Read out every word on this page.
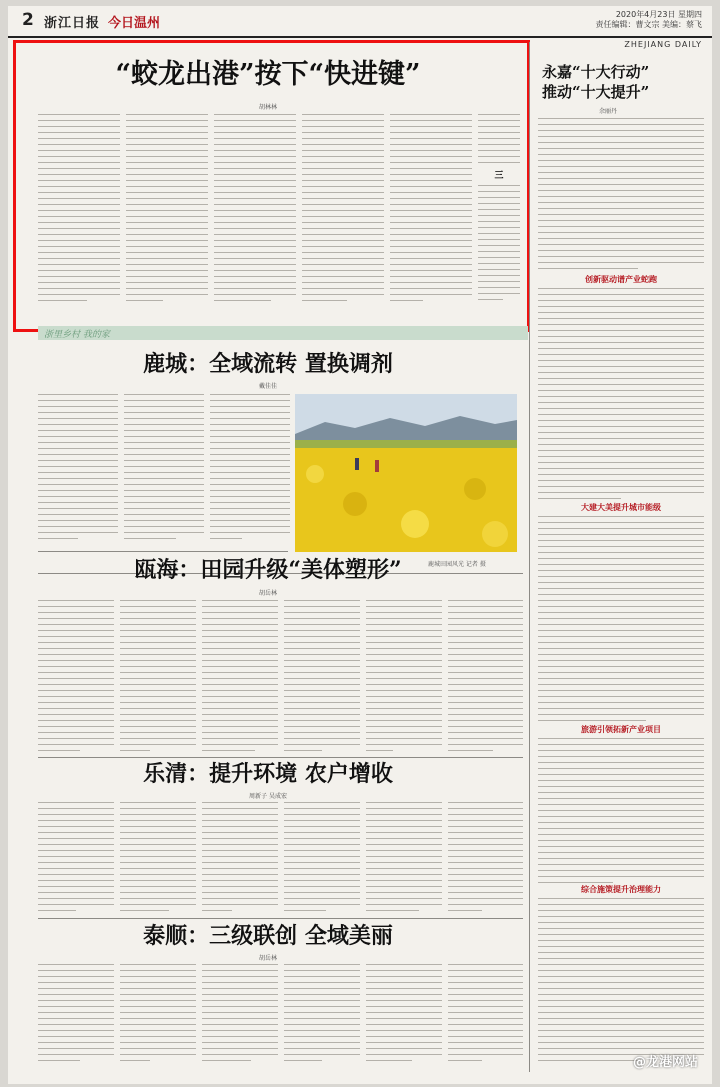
2 浙江日报 今日温州
2020年4月23日 星期四
责任编辑：曹文宗 美编：蔡飞
ZHEJIANG DAILY
“蛟龙出港”按下“快进键”
胡林林
三
浙里乡村 我的家
鹿城：全域流转 置换调剂
戴佳佳
鹿城田园风光 记者 摄
瓯海：田园升级“美体塑形”
胡岳林
乐清：提升环境 农户增收
周新子 吴成宏
泰顺：三级联创 全域美丽
胡岳林
永嘉“十大行动”
推动“十大提升”
余丽丹
创新驱动谱产业蛇跑
大建大美提升城市能级
旅游引领拓新产业项目
综合施策提升治理能力
@龙港网站
